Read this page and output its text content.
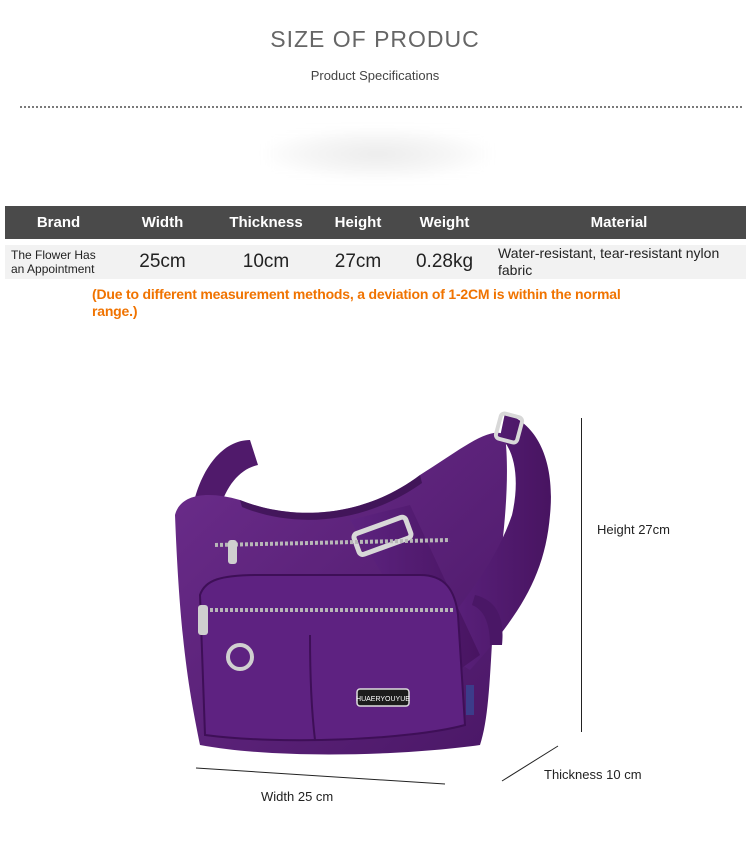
SIZE OF PRODUC
Product Specifications
Brand	Width	Thickness	Height	Weight	Material
The Flower Has an Appointment	25cm	10cm	27cm	0.28kg	Water-resistant, tear-resistant nylon fabric
(Due to different measurement methods, a deviation of 1-2CM is within the normal range.)
HUAERYOUYUE
Height 27cm
Thickness 10 cm
Width 25 cm
